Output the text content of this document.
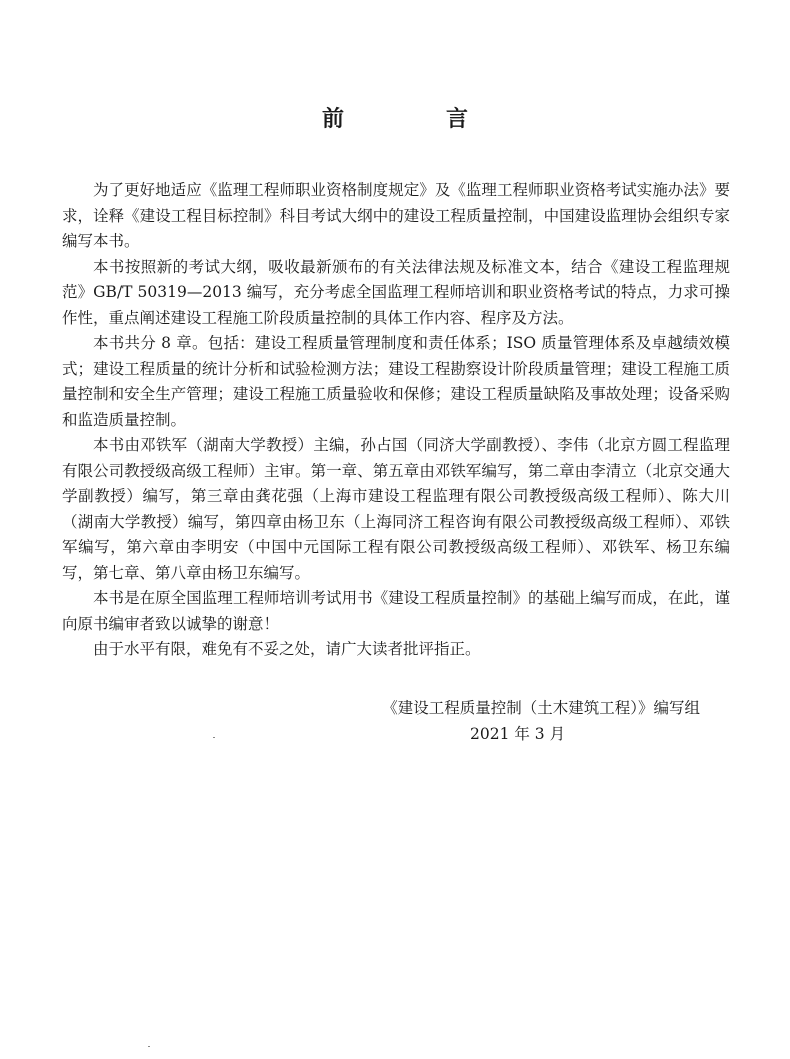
前　言

为了更好地适应《监理工程师职业资格制度规定》及《监理工程师职业资格考试实施办法》要求，诠释《建设工程目标控制》科目考试大纲中的建设工程质量控制，中国建设监理协会组织专家编写本书。

本书按照新的考试大纲，吸收最新颁布的有关法律法规及标准文本，结合《建设工程监理规范》GB/T 50319—2013 编写，充分考虑全国监理工程师培训和职业资格考试的特点，力求可操作性，重点阐述建设工程施工阶段质量控制的具体工作内容、程序及方法。

本书共分 8 章。包括：建设工程质量管理制度和责任体系；ISO 质量管理体系及卓越绩效模式；建设工程质量的统计分析和试验检测方法；建设工程勘察设计阶段质量管理；建设工程施工质量控制和安全生产管理；建设工程施工质量验收和保修；建设工程质量缺陷及事故处理；设备采购和监造质量控制。

本书由邓铁军（湖南大学教授）主编，孙占国（同济大学副教授）、李伟（北京方圆工程监理有限公司教授级高级工程师）主审。第一章、第五章由邓铁军编写，第二章由李清立（北京交通大学副教授）编写，第三章由龚花强（上海市建设工程监理有限公司教授级高级工程师）、陈大川（湖南大学教授）编写，第四章由杨卫东（上海同济工程咨询有限公司教授级高级工程师）、邓铁军编写，第六章由李明安（中国中元国际工程有限公司教授级高级工程师）、邓铁军、杨卫东编写，第七章、第八章由杨卫东编写。

本书是在原全国监理工程师培训考试用书《建设工程质量控制》的基础上编写而成，在此，谨向原书编审者致以诚挚的谢意！

由于水平有限，难免有不妥之处，请广大读者批评指正。

《建设工程质量控制（土木建筑工程）》编写组
2021 年 3 月
